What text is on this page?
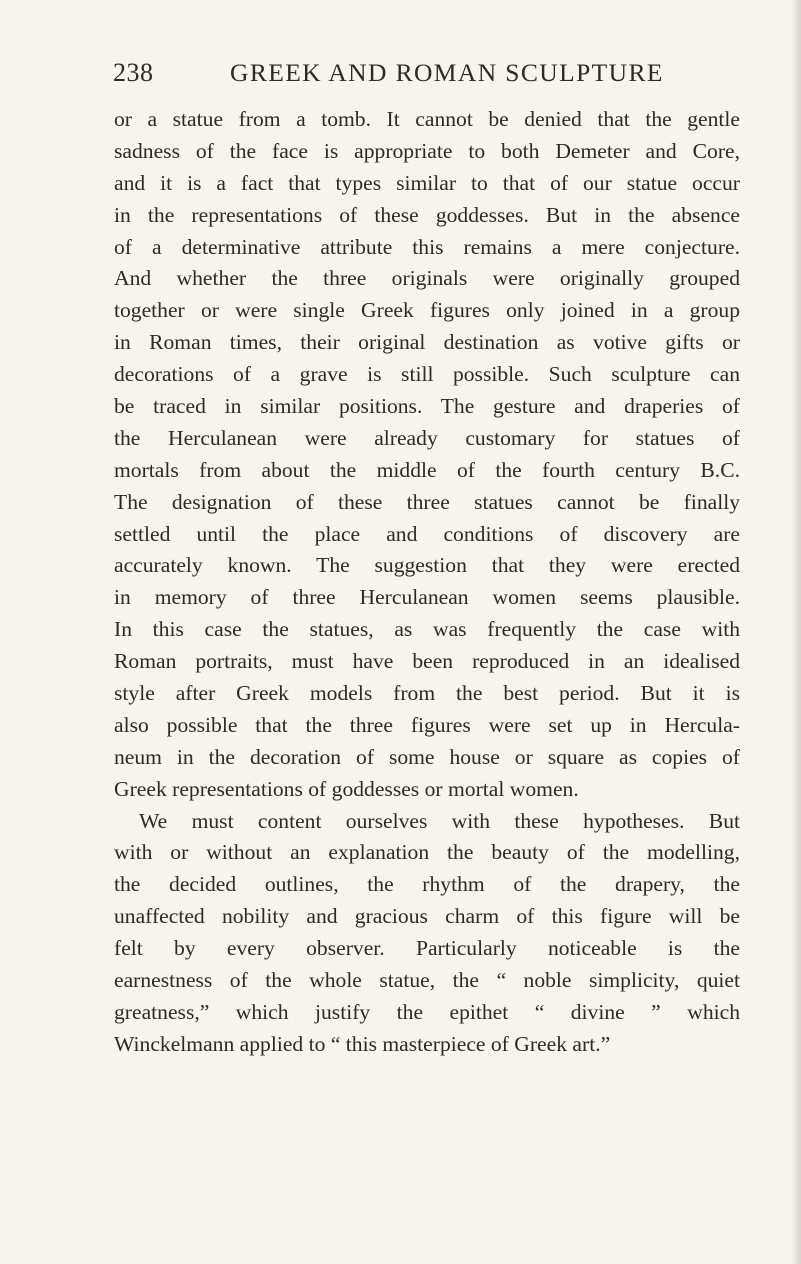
238	GREEK AND ROMAN SCULPTURE
or a statue from a tomb. It cannot be denied that the gentle
sadness of the face is appropriate to both Demeter and Core,
and it is a fact that types similar to that of our statue occur
in the representations of these goddesses. But in the absence
of a determinative attribute this remains a mere conjecture.
And whether the three originals were originally grouped
together or were single Greek figures only joined in a group
in Roman times, their original destination as votive gifts or
decorations of a grave is still possible. Such sculpture can
be traced in similar positions. The gesture and draperies of
the Herculanean were already customary for statues of
mortals from about the middle of the fourth century B.C.
The designation of these three statues cannot be finally
settled until the place and conditions of discovery are
accurately known. The suggestion that they were erected
in memory of three Herculanean women seems plausible.
In this case the statues, as was frequently the case with
Roman portraits, must have been reproduced in an idealised
style after Greek models from the best period. But it is
also possible that the three figures were set up in Hercula-
neum in the decoration of some house or square as copies of
Greek representations of goddesses or mortal women.
We must content ourselves with these hypotheses. But
with or without an explanation the beauty of the modelling,
the decided outlines, the rhythm of the drapery, the
unaffected nobility and gracious charm of this figure will be
felt by every observer. Particularly noticeable is the
earnestness of the whole statue, the “ noble simplicity, quiet
greatness,” which justify the epithet “ divine ” which
Winckelmann applied to “ this masterpiece of Greek art.”
